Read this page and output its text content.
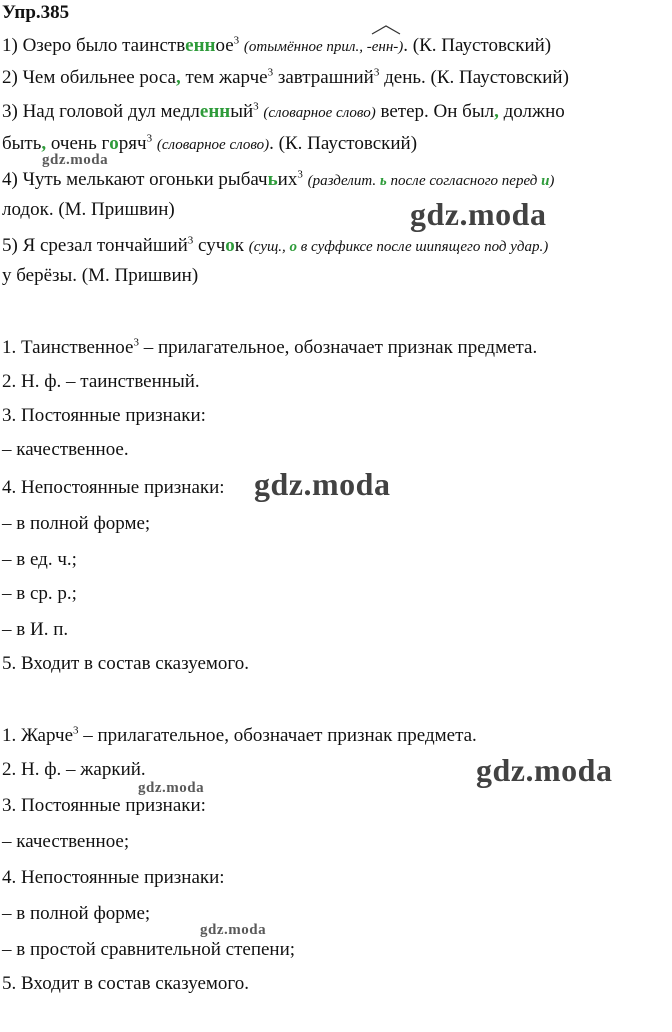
Упр.385
1) Озеро было таинственное$^3$ (отымённое прил.,
-енн-). (К. Паустовский)
2) Чем обильнее роса, тем жарче$^3$ завтрашний$^3$ день. (К. Паустовский)
3) Над головой дул медленный$^3$ (словарное слово) ветер. Он был, должно
быть, очень горяч$^3$ (словарное слово). (К. Паустовский)
4) Чуть мелькают огоньки рыбачьих$^3$ (разделит. ь после согласного перед и)
лодок. (М. Пришвин)
5) Я срезал тончайший$^3$ сучок (сущ., о в суффиксе после шипящего под удар.)
у берёзы. (М. Пришвин)
1. Таинственное$^3$ – прилагательное, обозначает признак предмета.
2. Н. ф. – таинственный.
3. Постоянные признаки:
– качественное.
4. Непостоянные признаки:
– в полной форме;
– в ед. ч.;
– в ср. р.;
– в И. п.
5. Входит в состав сказуемого.
1. Жарче$^3$ – прилагательное, обозначает признак предмета.
2. Н. ф. – жаркий.
3. Постоянные признаки:
– качественное;
4. Непостоянные признаки:
– в полной форме;
– в простой сравнительной степени;
5. Входит в состав сказуемого.
gdz.moda
gdz.moda
gdz.moda
gdz.moda
gdz.moda
gdz.moda
